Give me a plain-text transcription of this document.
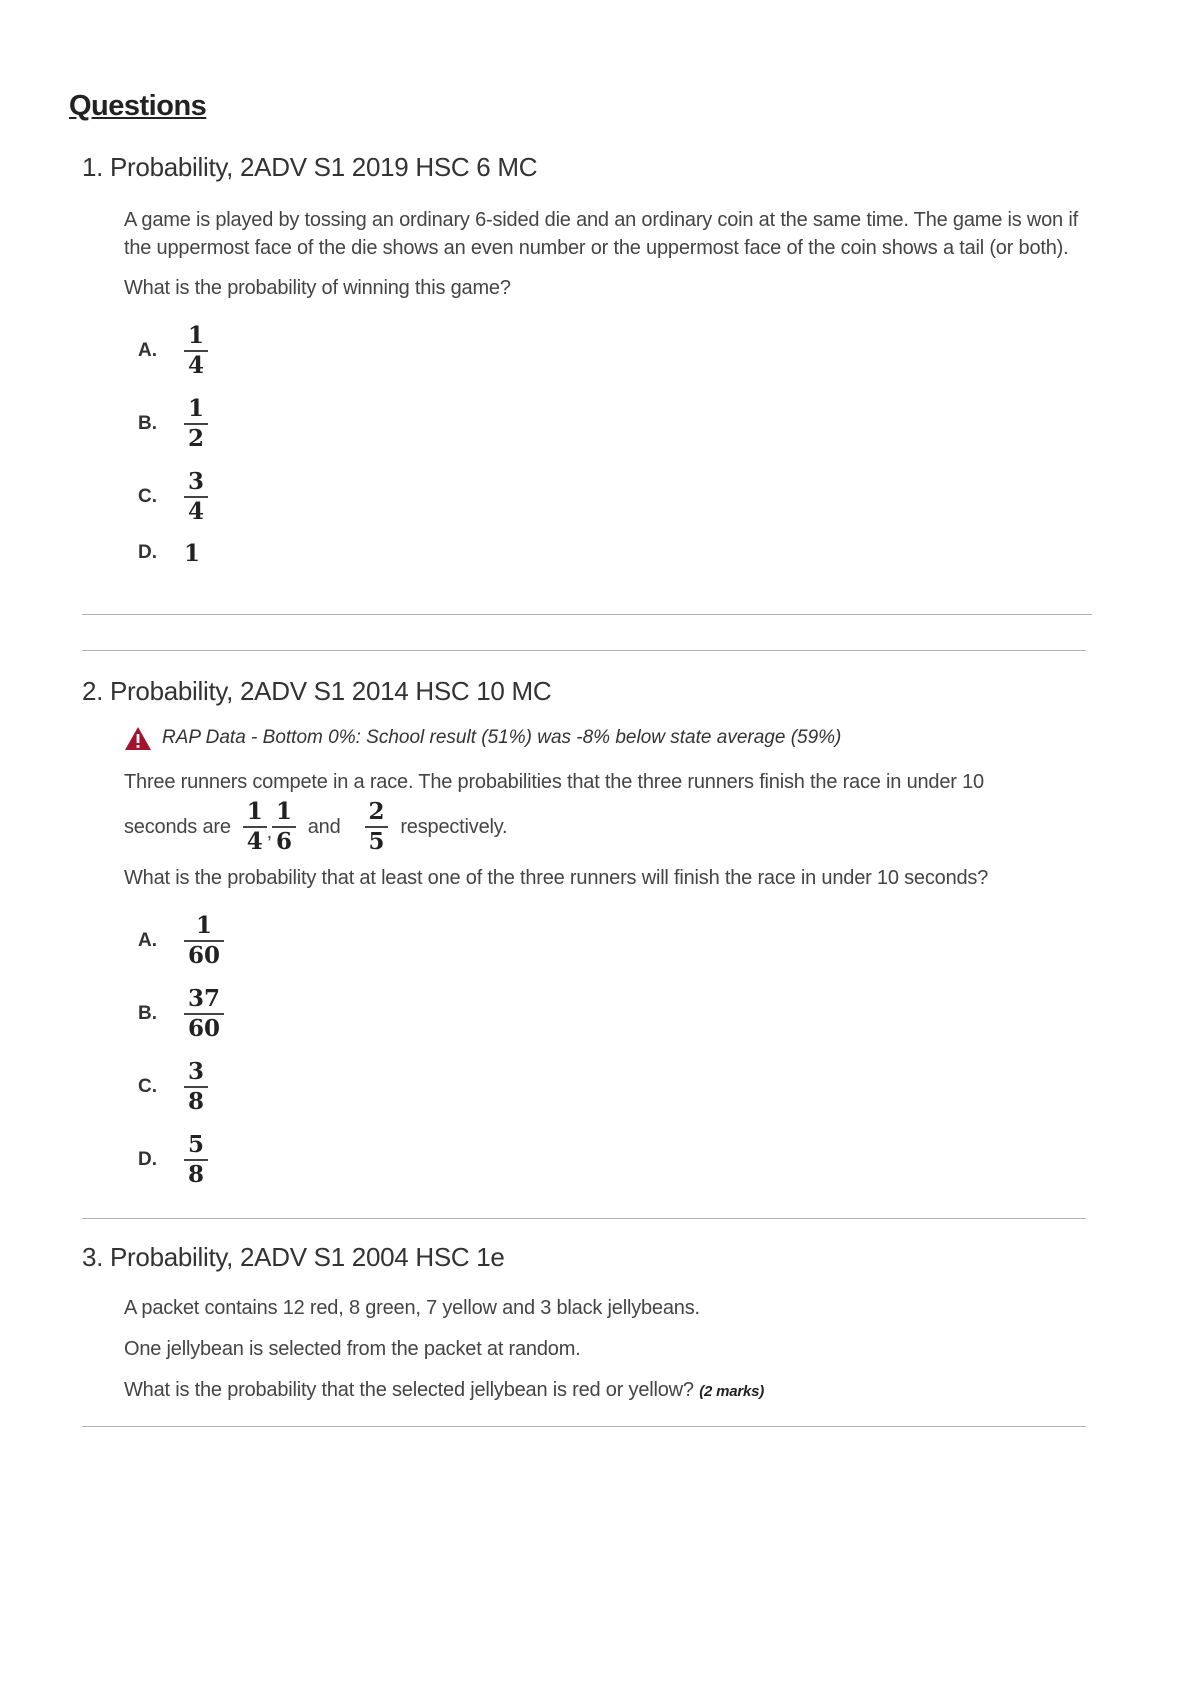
Questions
1. Probability, 2ADV S1 2019 HSC 6 MC

A game is played by tossing an ordinary 6-sided die and an ordinary coin at the same time. The game is won if the uppermost face of the die shows an even number or the uppermost face of the coin shows a tail (or both).

What is the probability of winning this game?

A.	$\frac{1}{4}$
B.	$\frac{1}{2}$
C.	$\frac{3}{4}$
D.	1
2. Probability, 2ADV S1 2014 HSC 10 MC
RAP Data - Bottom 0%: School result (51%) was -8% below state average (59%)

Three runners compete in a race. The probabilities that the three runners finish the race in under 10

seconds are $\frac{1}{4}$ , $\frac{1}{6}$ and $\frac{2}{5}$ respectively.

What is the probability that at least one of the three runners will finish the race in under 10 seconds?

A.	$\frac{1}{60}$
B.	$\frac{37}{60}$
C.	$\frac{3}{8}$
D.	$\frac{5}{8}$
3. Probability, 2ADV S1 2004 HSC 1e

A packet contains 12 red, 8 green, 7 yellow and 3 black jellybeans.

One jellybean is selected from the packet at random.

What is the probability that the selected jellybean is red or yellow? (2 marks)
